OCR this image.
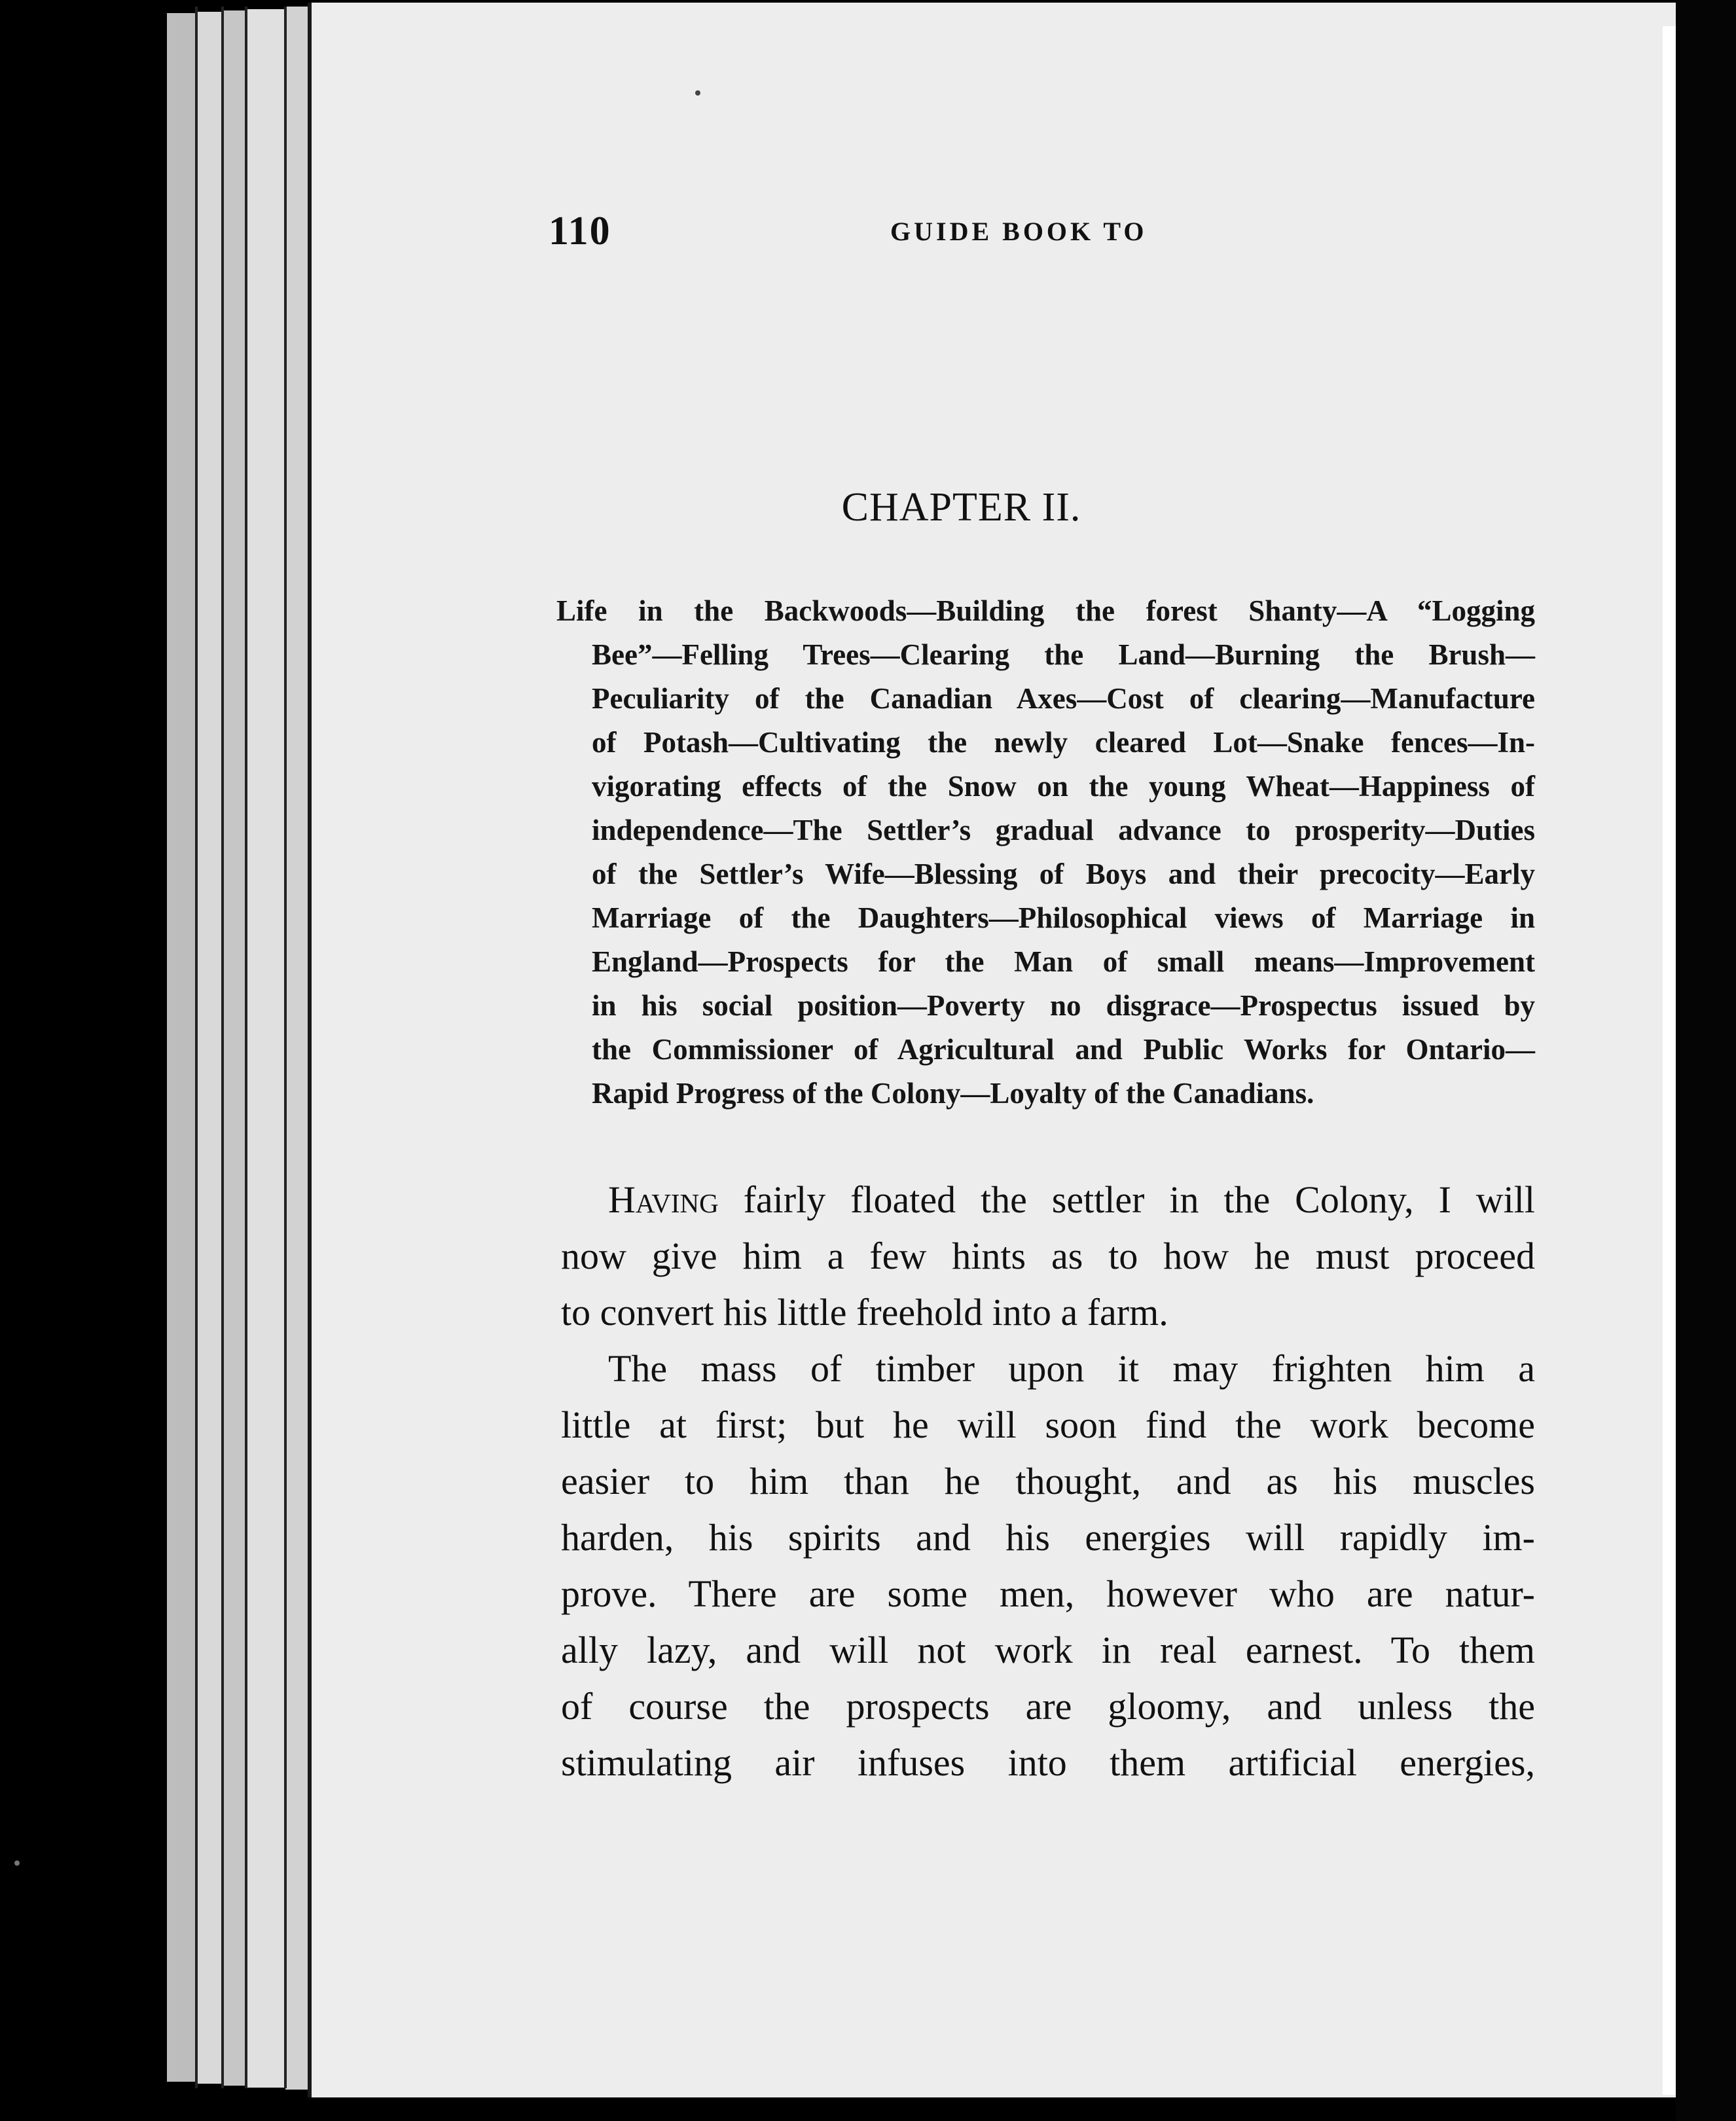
110	GUIDE BOOK TO
CHAPTER II.
Life in the Backwoods—Building the forest Shanty—A “Logging
Bee”—Felling Trees—Clearing the Land—Burning the Brush—
Peculiarity of the Canadian Axes—Cost of clearing—Manufacture
of Potash—Cultivating the newly cleared Lot—Snake fences—In-
vigorating effects of the Snow on the young Wheat—Happiness of
independence—The Settler’s gradual advance to prosperity—Duties
of the Settler’s Wife—Blessing of Boys and their precocity—Early
Marriage of the Daughters—Philosophical views of Marriage in
England—Prospects for the Man of small means—Improvement
in his social position—Poverty no disgrace—Prospectus issued by
the Commissioner of Agricultural and Public Works for Ontario—
Rapid Progress of the Colony—Loyalty of the Canadians.
Having fairly floated the settler in the Colony, I will
now give him a few hints as to how he must proceed
to convert his little freehold into a farm.
The mass of timber upon it may frighten him a
little at first; but he will soon find the work become
easier to him than he thought, and as his muscles
harden, his spirits and his energies will rapidly im-
prove. There are some men, however who are natur-
ally lazy, and will not work in real earnest. To them
of course the prospects are gloomy, and unless the
stimulating air infuses into them artificial energies,
